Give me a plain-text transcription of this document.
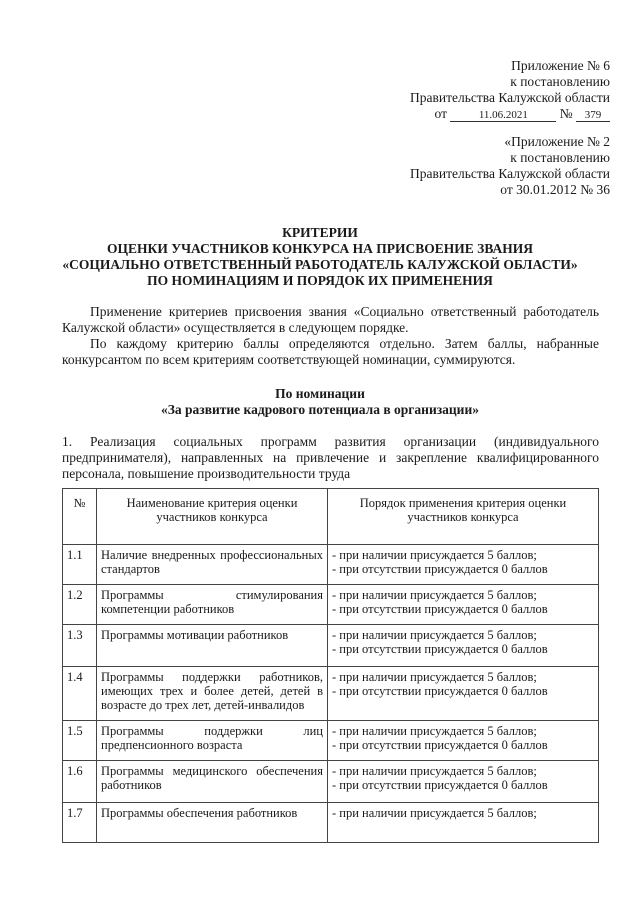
Приложение № 6
к постановлению
Правительства Калужской области
от	11.06.2021 № 379
«Приложение № 2
к постановлению
Правительства Калужской области
от 30.01.2012 № 36
КРИТЕРИИ
ОЦЕНКИ УЧАСТНИКОВ КОНКУРСА НА ПРИСВОЕНИЕ ЗВАНИЯ
«СОЦИАЛЬНО ОТВЕТСТВЕННЫЙ РАБОТОДАТЕЛЬ КАЛУЖСКОЙ ОБЛАСТИ»
ПО НОМИНАЦИЯМ И ПОРЯДОК ИХ ПРИМЕНЕНИЯ
Применение критериев присвоения звания «Социально ответственный работодатель
Калужской области» осуществляется в следующем порядке.
По каждому критерию баллы определяются отдельно. Затем баллы, набранные
конкурсантом по всем критериям соответствующей номинации, суммируются.
По номинации
«За развитие кадрового потенциала в организации»
1. Реализация социальных программ развития организации (индивидуального
предпринимателя), направленных на привлечение и закрепление квалифицированного
персонала, повышение производительности труда
№	Наименование критерия оценки участников конкурса	Порядок применения критерия оценки участников конкурса
1.1	Наличие внедренных профессиональных стандартов	- при наличии присуждается 5 баллов;
- при отсутствии присуждается 0 баллов

1.2	Программы стимулирования компетенции работников	- при наличии присуждается 5 баллов;
- при отсутствии присуждается 0 баллов

1.3	Программы мотивации работников	- при наличии присуждается 5 баллов;
- при отсутствии присуждается 0 баллов

1.4	Программы поддержки работников, имеющих трех и более детей, детей в возрасте до трех лет, детей-инвалидов	- при наличии присуждается 5 баллов;
- при отсутствии присуждается 0 баллов

1.5	Программы поддержки лиц предпенсионного возраста	- при наличии присуждается 5 баллов;
- при отсутствии присуждается 0 баллов

1.6	Программы медицинского обеспечения работников	- при наличии присуждается 5 баллов;
- при отсутствии присуждается 0 баллов

1.7	Программы обеспечения работников	- при наличии присуждается 5 баллов;
